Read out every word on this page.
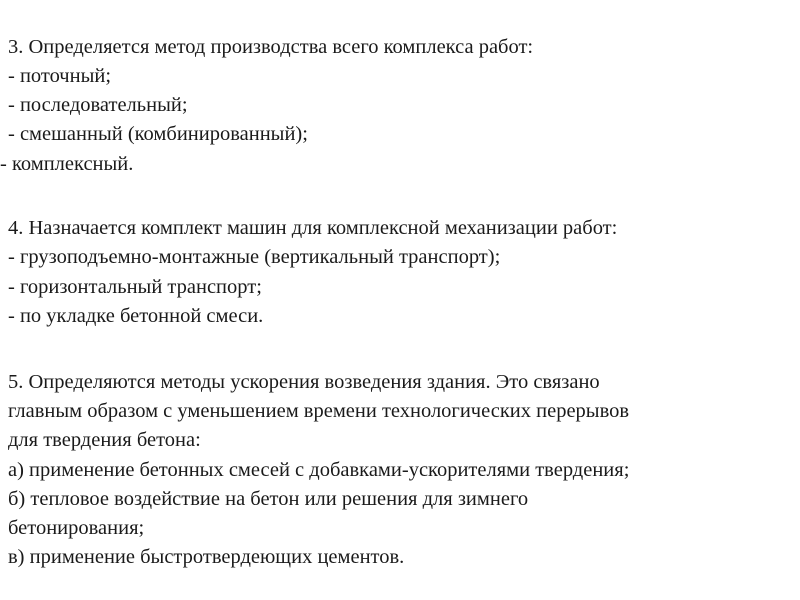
3. Определяется метод производства всего комплекса работ:
- поточный;
- последовательный;
- смешанный (комбинированный);
- комплексный.
4. Назначается комплект машин для комплексной механизации работ:
- грузоподъемно-монтажные (вертикальный транспорт);
- горизонтальный транспорт;
- по укладке бетонной смеси.
5. Определяются методы ускорения возведения здания. Это связано
главным образом с уменьшением времени технологических перерывов
для твердения бетона:
а) применение бетонных смесей с добавками-ускорителями твердения;
б) тепловое воздействие на бетон или решения для зимнего
бетонирования;
в) применение быстротвердеющих цементов.
